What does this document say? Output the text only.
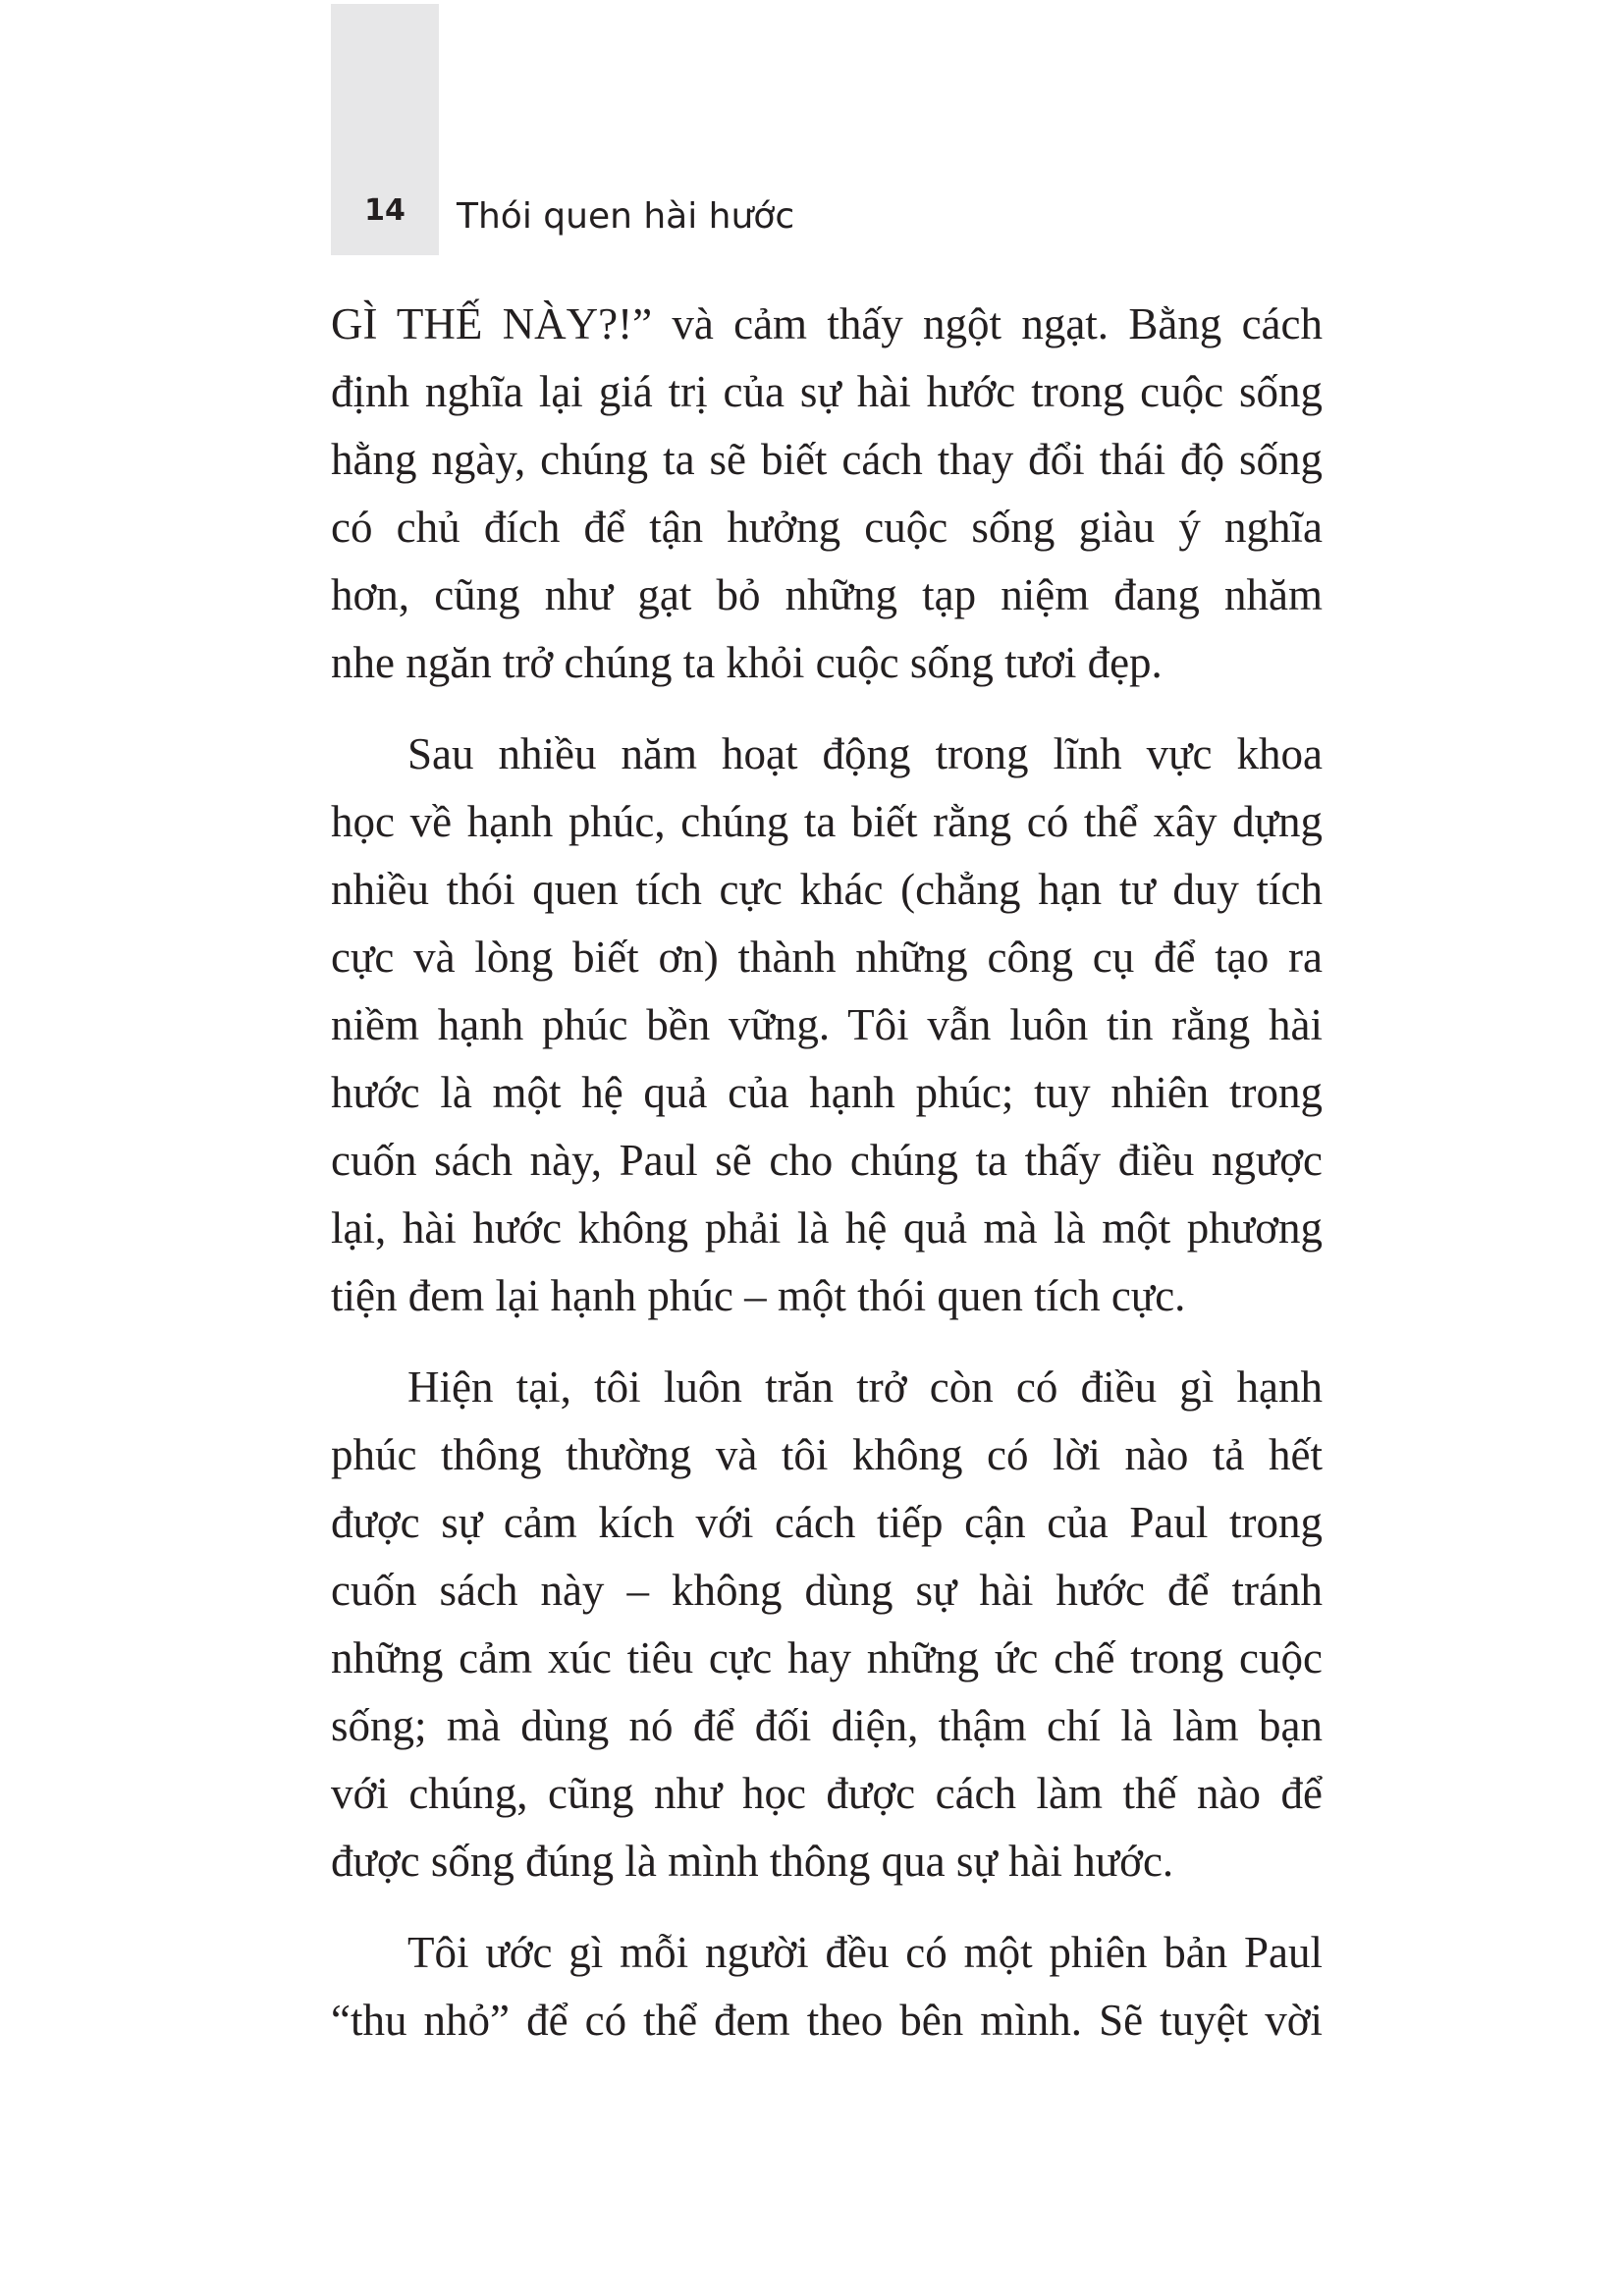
14	Thói quen hài hước

GÌ THẾ NÀY?!” và cảm thấy ngột ngạt. Bằng cách
định nghĩa lại giá trị của sự hài hước trong cuộc sống
hằng ngày, chúng ta sẽ biết cách thay đổi thái độ sống
có chủ đích để tận hưởng cuộc sống giàu ý nghĩa
hơn, cũng như gạt bỏ những tạp niệm đang nhăm
nhe ngăn trở chúng ta khỏi cuộc sống tươi đẹp.

Sau nhiều năm hoạt động trong lĩnh vực khoa
học về hạnh phúc, chúng ta biết rằng có thể xây dựng
nhiều thói quen tích cực khác (chẳng hạn tư duy tích
cực và lòng biết ơn) thành những công cụ để tạo ra
niềm hạnh phúc bền vững. Tôi vẫn luôn tin rằng hài
hước là một hệ quả của hạnh phúc; tuy nhiên trong
cuốn sách này, Paul sẽ cho chúng ta thấy điều ngược
lại, hài hước không phải là hệ quả mà là một phương
tiện đem lại hạnh phúc – một thói quen tích cực.

Hiện tại, tôi luôn trăn trở còn có điều gì hạnh
phúc thông thường và tôi không có lời nào tả hết
được sự cảm kích với cách tiếp cận của Paul trong
cuốn sách này – không dùng sự hài hước để tránh
những cảm xúc tiêu cực hay những ức chế trong cuộc
sống; mà dùng nó để đối diện, thậm chí là làm bạn
với chúng, cũng như học được cách làm thế nào để
được sống đúng là mình thông qua sự hài hước.

Tôi ước gì mỗi người đều có một phiên bản Paul
“thu nhỏ” để có thể đem theo bên mình. Sẽ tuyệt vời
